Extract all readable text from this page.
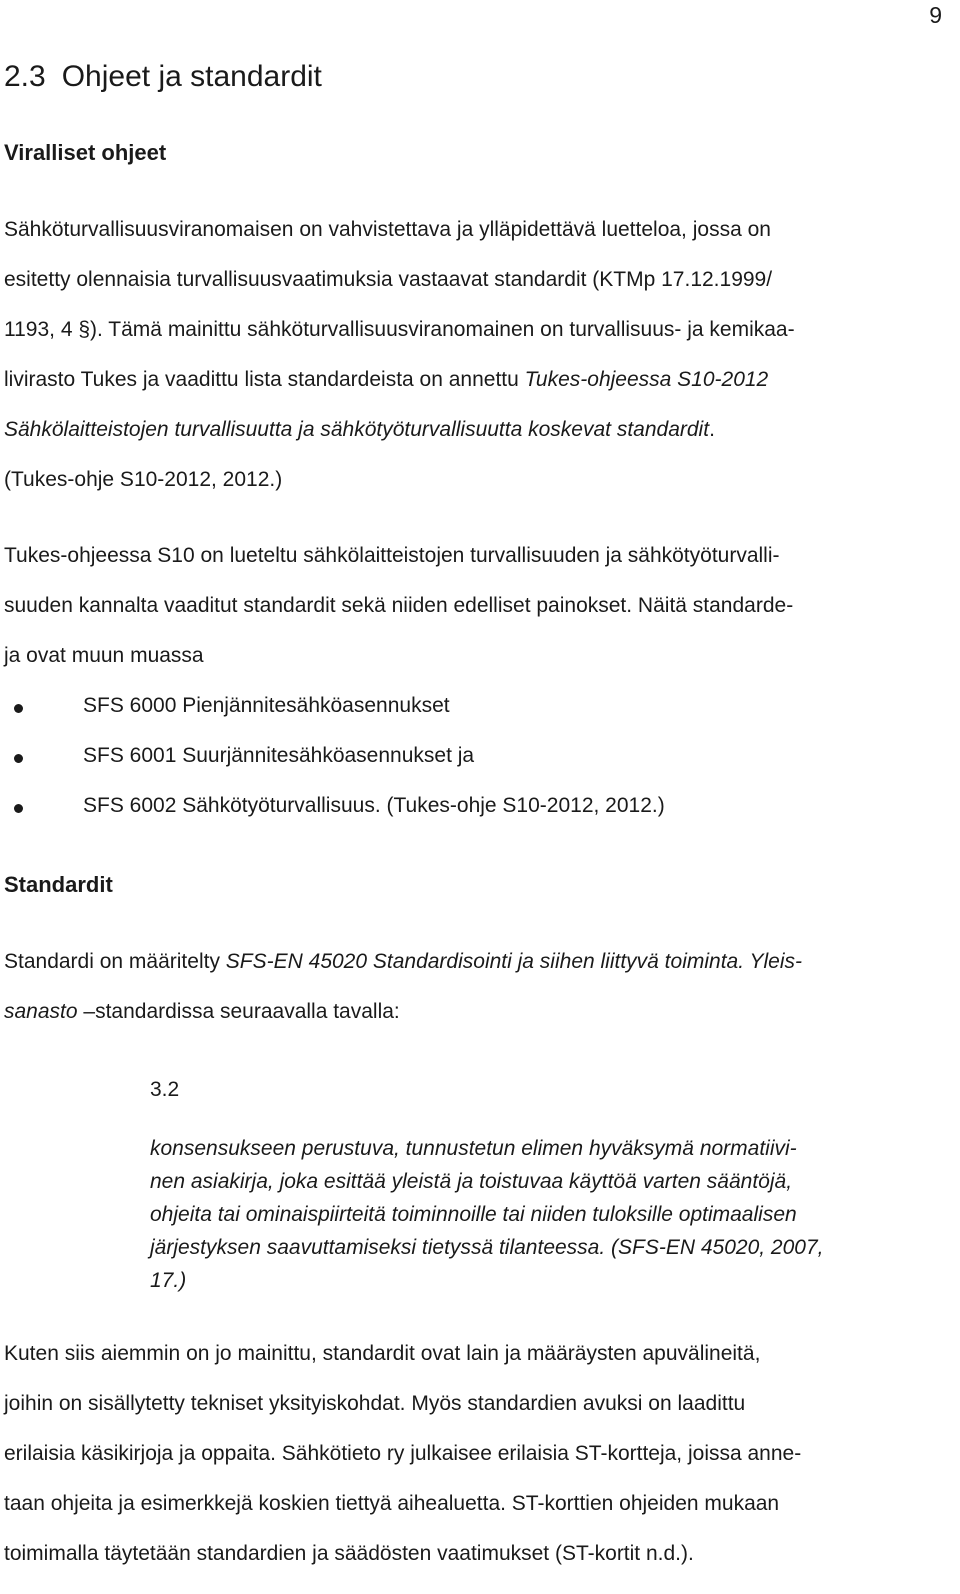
9
2.3 Ohjeet ja standardit
Viralliset ohjeet

Sähköturvallisuusviranomaisen on vahvistettava ja ylläpidettävä luetteloa, jossa on

esitetty olennaisia turvallisuusvaatimuksia vastaavat standardit (KTMp 17.12.1999/

1193, 4 §). Tämä mainittu sähköturvallisuusviranomainen on turvallisuus- ja kemikaa-

livirasto Tukes ja vaadittu lista standardeista on annettu Tukes-ohjeessa S10-2012

Sähkölaitteistojen turvallisuutta ja sähkötyöturvallisuutta koskevat standardit.

(Tukes-ohje S10-2012, 2012.)

Tukes-ohjeessa S10 on lueteltu sähkölaitteistojen turvallisuuden ja sähkötyöturvalli-

suuden kannalta vaaditut standardit sekä niiden edelliset painokset. Näitä standarde-

ja ovat muun muassa

SFS 6000 Pienjännitesähköasennukset
SFS 6001 Suurjännitesähköasennukset ja
SFS 6002 Sähkötyöturvallisuus. (Tukes-ohje S10-2012, 2012.)
Standardit

Standardi on määritelty SFS-EN 45020 Standardisointi ja siihen liittyvä toiminta. Yleis-

sanasto –standardissa seuraavalla tavalla:

3.2
konsensukseen perustuva, tunnustetun elimen hyväksymä normatiivi-
nen asiakirja, joka esittää yleistä ja toistuvaa käyttöä varten sääntöjä,
ohjeita tai ominaispiirteitä toiminnoille tai niiden tuloksille optimaalisen
järjestyksen saavuttamiseksi tietyssä tilanteessa. (SFS-EN 45020, 2007,
17.)

Kuten siis aiemmin on jo mainittu, standardit ovat lain ja määräysten apuvälineitä,

joihin on sisällytetty tekniset yksityiskohdat. Myös standardien avuksi on laadittu

erilaisia käsikirjoja ja oppaita. Sähkötieto ry julkaisee erilaisia ST-kortteja, joissa anne-

taan ohjeita ja esimerkkejä koskien tiettyä aihealuetta. ST-korttien ohjeiden mukaan

toimimalla täytetään standardien ja säädösten vaatimukset (ST-kortit n.d.).
